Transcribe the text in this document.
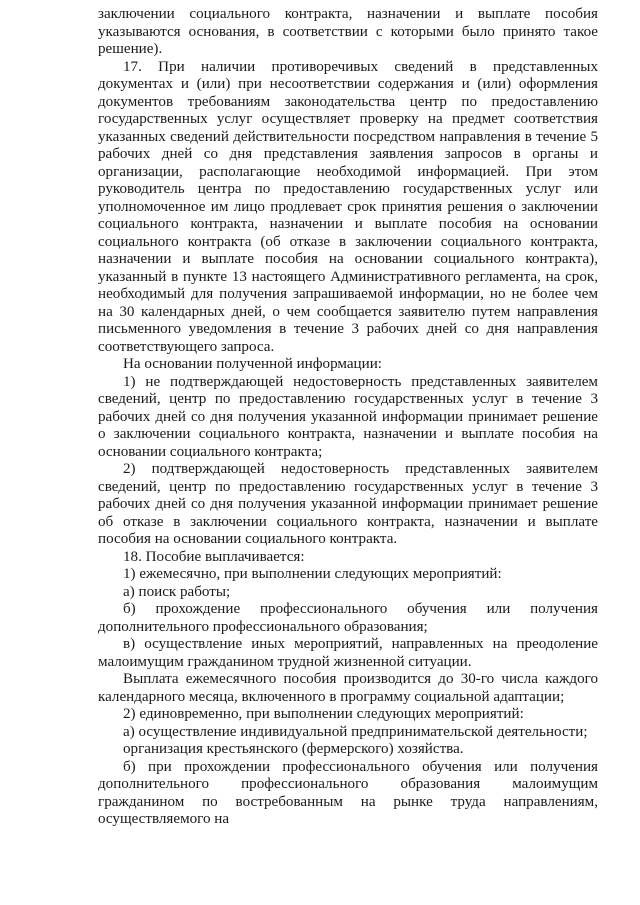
заключении социального контракта, назначении и выплате пособия указываются основания, в соответствии с которыми было принято такое решение).

17. При наличии противоречивых сведений в представленных документах и (или) при несоответствии содержания и (или) оформления документов требованиям законодательства центр по предоставлению государственных услуг осуществляет проверку на предмет соответствия указанных сведений действительности посредством направления в течение 5 рабочих дней со дня представления заявления запросов в органы и организации, располагающие необходимой информацией. При этом руководитель центра по предоставлению государственных услуг или уполномоченное им лицо продлевает срок принятия решения о заключении социального контракта, назначении и выплате пособия на основании социального контракта (об отказе в заключении социального контракта, назначении и выплате пособия на основании социального контракта), указанный в пункте 13 настоящего Административного регламента, на срок, необходимый для получения запрашиваемой информации, но не более чем на 30 календарных дней, о чем сообщается заявителю путем направления письменного уведомления в течение 3 рабочих дней со дня направления соответствующего запроса.

На основании полученной информации:

1) не подтверждающей недостоверность представленных заявителем сведений, центр по предоставлению государственных услуг в течение 3 рабочих дней со дня получения указанной информации принимает решение о заключении социального контракта, назначении и выплате пособия на основании социального контракта;

2) подтверждающей недостоверность представленных заявителем сведений, центр по предоставлению государственных услуг в течение 3 рабочих дней со дня получения указанной информации принимает решение об отказе в заключении социального контракта, назначении и выплате пособия на основании социального контракта.

18. Пособие выплачивается:

1) ежемесячно, при выполнении следующих мероприятий:

а) поиск работы;

б) прохождение профессионального обучения или получения дополнительного профессионального образования;

в) осуществление иных мероприятий, направленных на преодоление малоимущим гражданином трудной жизненной ситуации.

Выплата ежемесячного пособия производится до 30-го числа каждого календарного месяца, включенного в программу социальной адаптации;

2) единовременно, при выполнении следующих мероприятий:

а) осуществление индивидуальной предпринимательской деятельности;

организация крестьянского (фермерского) хозяйства.

б) при прохождении профессионального обучения или получения дополнительного профессионального образования малоимущим гражданином по востребованным на рынке труда направлениям, осуществляемого на
